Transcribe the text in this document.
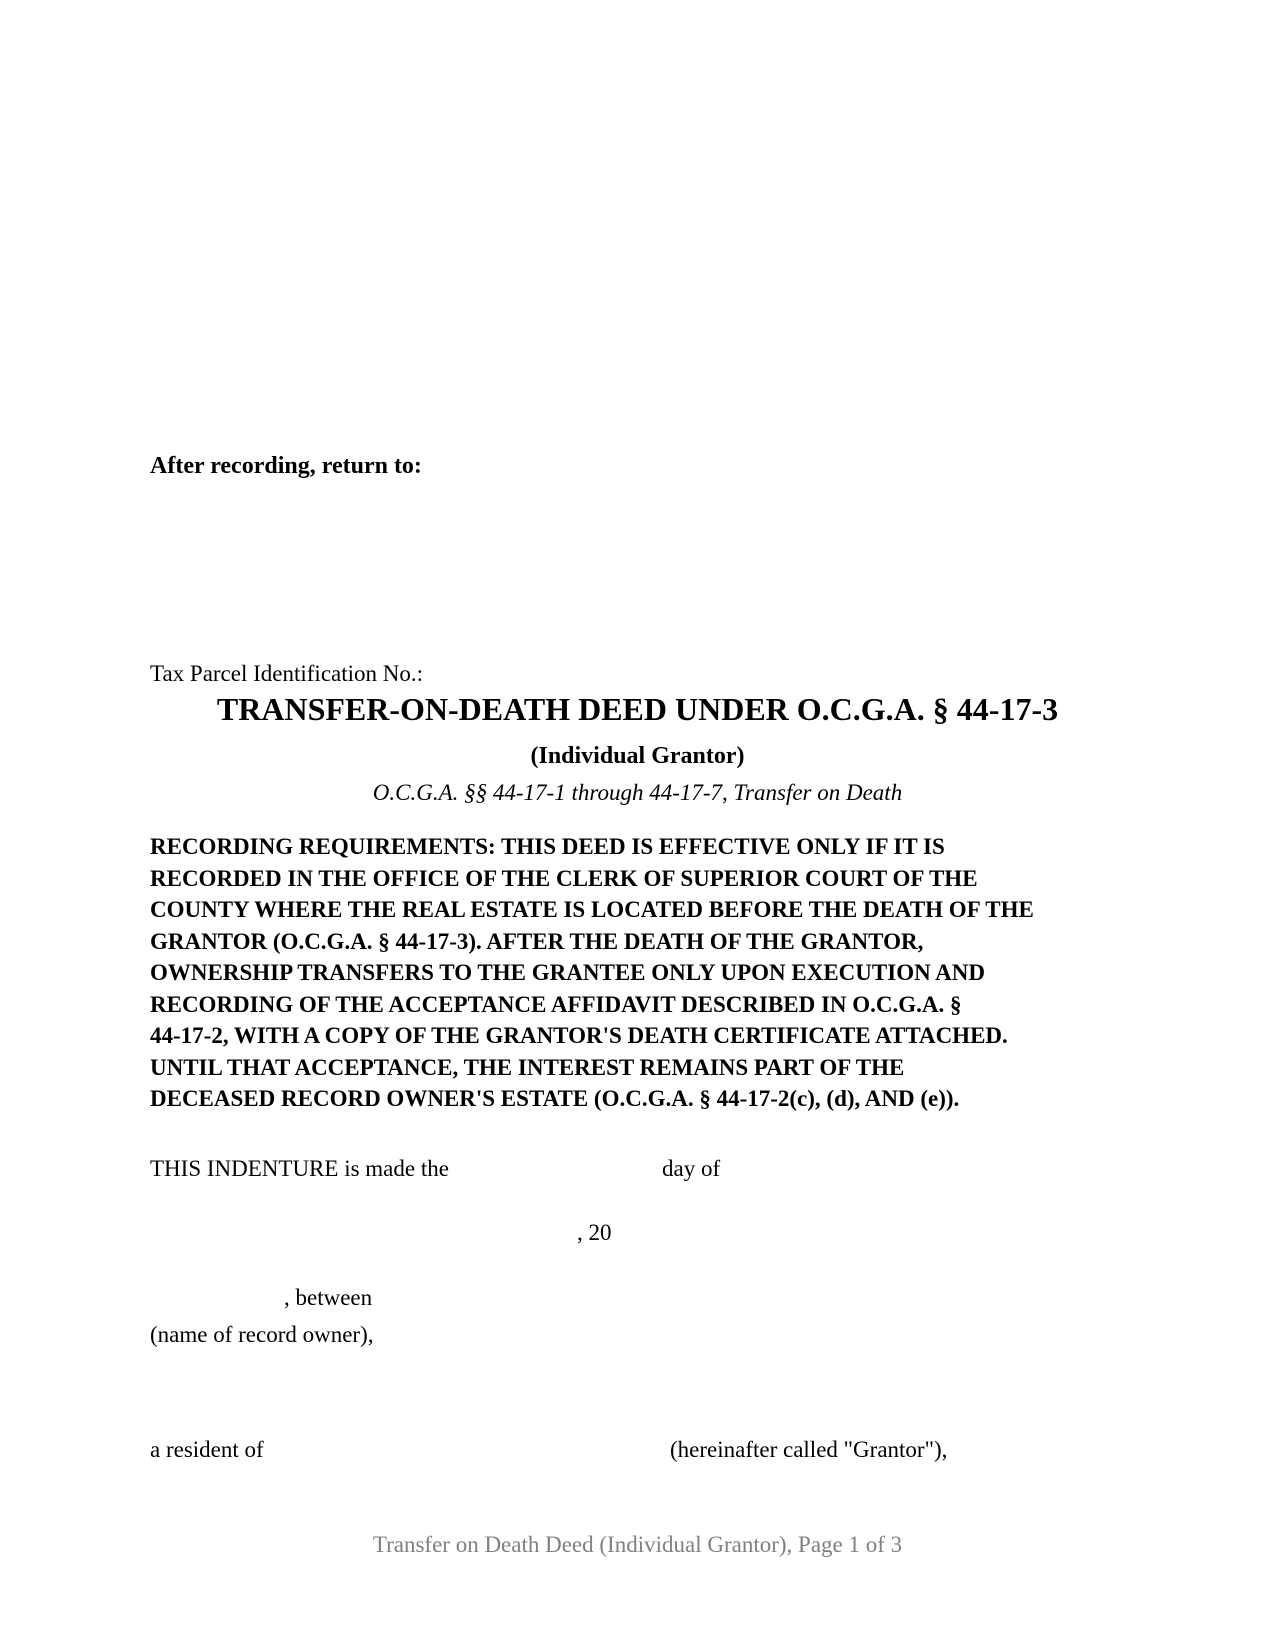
After recording, return to:
Tax Parcel Identification No.:
TRANSFER-ON-DEATH DEED UNDER O.C.G.A. § 44-17-3
(Individual Grantor)
O.C.G.A. §§ 44-17-1 through 44-17-7, Transfer on Death
RECORDING REQUIREMENTS: THIS DEED IS EFFECTIVE ONLY IF IT IS
RECORDED IN THE OFFICE OF THE CLERK OF SUPERIOR COURT OF THE
COUNTY WHERE THE REAL ESTATE IS LOCATED BEFORE THE DEATH OF THE
GRANTOR (O.C.G.A. § 44-17-3). AFTER THE DEATH OF THE GRANTOR,
OWNERSHIP TRANSFERS TO THE GRANTEE ONLY UPON EXECUTION AND
RECORDING OF THE ACCEPTANCE AFFIDAVIT DESCRIBED IN O.C.G.A. §
44-17-2, WITH A COPY OF THE GRANTOR'S DEATH CERTIFICATE ATTACHED.
UNTIL THAT ACCEPTANCE, THE INTEREST REMAINS PART OF THE
DECEASED RECORD OWNER'S ESTATE (O.C.G.A. § 44-17-2(c), (d), AND (e)).
THIS INDENTURE is made the	day of
, 20
, between
(name of record owner),
a resident of	(hereinafter called "Grantor"),
Transfer on Death Deed (Individual Grantor), Page 1 of 3
